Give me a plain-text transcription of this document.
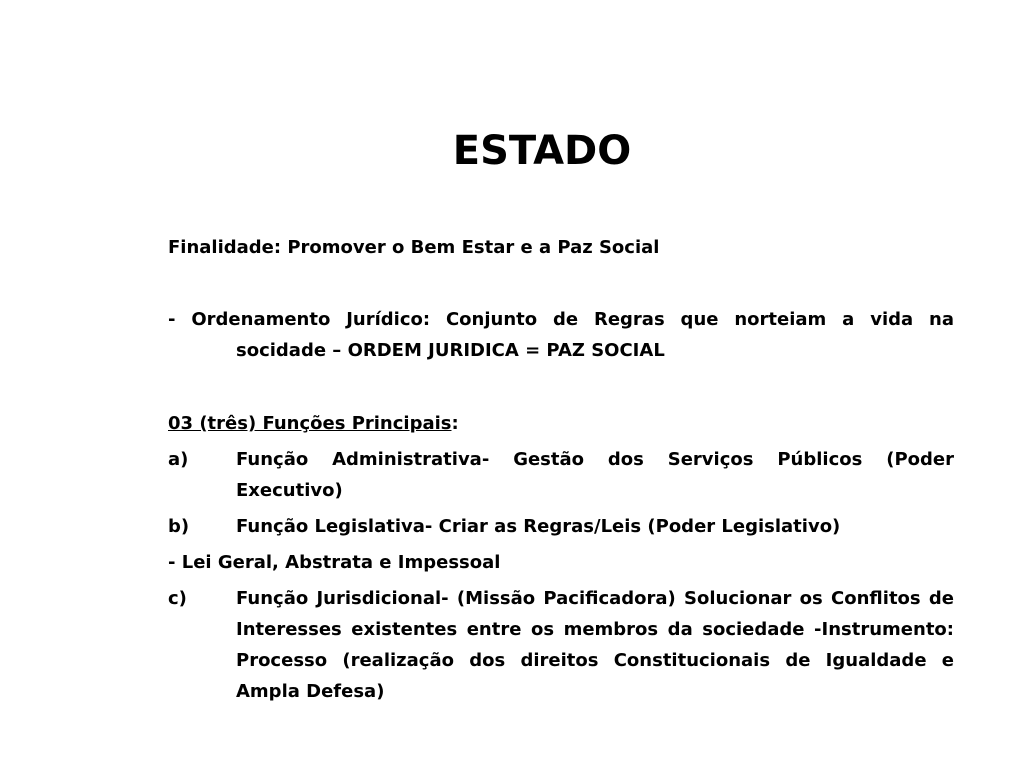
ESTADO

Finalidade: Promover o Bem Estar e a Paz Social

- Ordenamento Jurídico: Conjunto de Regras que norteiam a vida na socidade – ORDEM JURIDICA = PAZ SOCIAL

03 (três) Funções Principais:

a)	Função Administrativa- Gestão dos Serviços Públicos (Poder Executivo)
b)	Função Legislativa- Criar as Regras/Leis (Poder Legislativo)

- Lei Geral, Abstrata e Impessoal

c)	Função Jurisdicional- (Missão Pacificadora) Solucionar os Conflitos de Interesses existentes entre os membros da sociedade -Instrumento: Processo (realização dos direitos Constitucionais de Igualdade e Ampla Defesa)
